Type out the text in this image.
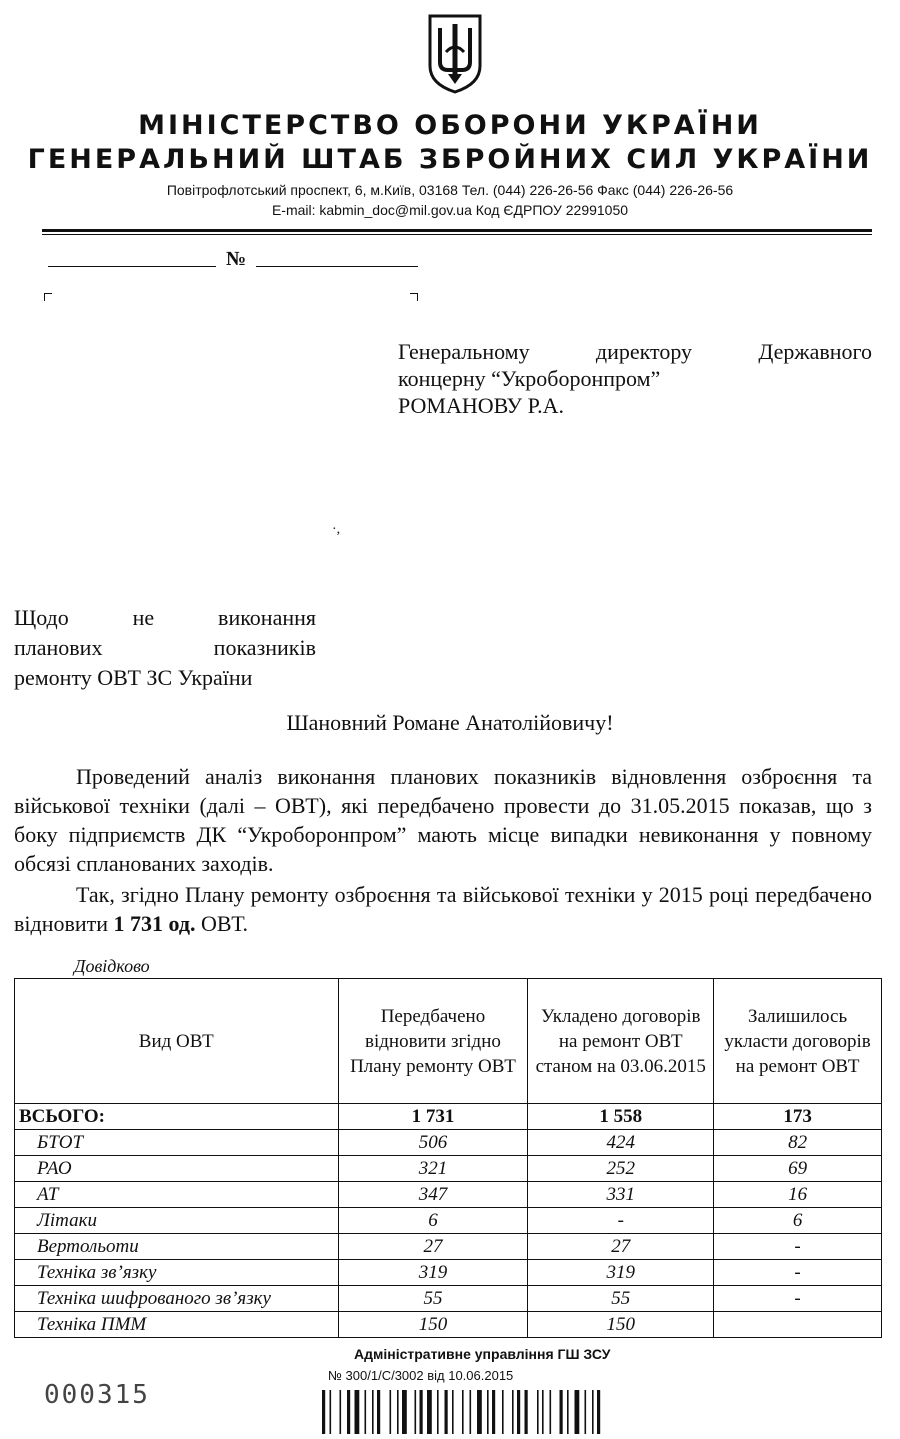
МІНІСТЕРСТВО ОБОРОНИ УКРАЇНИ
ГЕНЕРАЛЬНИЙ ШТАБ ЗБРОЙНИХ СИЛ УКРАЇНИ
Повітрофлотський проспект, 6, м.Київ, 03168 Тел. (044) 226-26-56 Факс (044) 226-26-56
E-mail: kabmin_doc@mil.gov.ua Код ЄДРПОУ 22991050
№
Генеральному директору Державного
концерну “Укроборонпром”
РОМАНОВУ Р.А.
·,
Щодо не виконання
планових показників
ремонту ОВТ ЗС України
Шановний Романе Анатолійовичу!
Проведений аналіз виконання планових показників відновлення озброєння та військової техніки (далі – ОВТ), які передбачено провести до 31.05.2015 показав, що з боку підприємств ДК “Укроборонпром” мають місце випадки невиконання у повному обсязі спланованих заходів.
Так, згідно Плану ремонту озброєння та військової техніки у 2015 році передбачено відновити 1 731 од. ОВТ.
Довідково
Вид ОВТ	Передбачено відновити згідно Плану ремонту ОВТ	Укладено договорів на ремонт ОВТ станом на 03.06.2015	Залишилось укласти договорів на ремонт ОВТ
ВСЬОГО:	1 731	1 558	173
БТОТ	506	424	82
РАО	321	252	69
АТ	347	331	16
Літаки	6	-	6
Вертольоти	27	27	-
Техніка зв’язку	319	319	-
Техніка шифрованого зв’язку	55	55	-
Техніка ПММ	150	150	
Адміністративне управління ГШ ЗСУ
№ 300/1/С/3002 від 10.06.2015
000315
